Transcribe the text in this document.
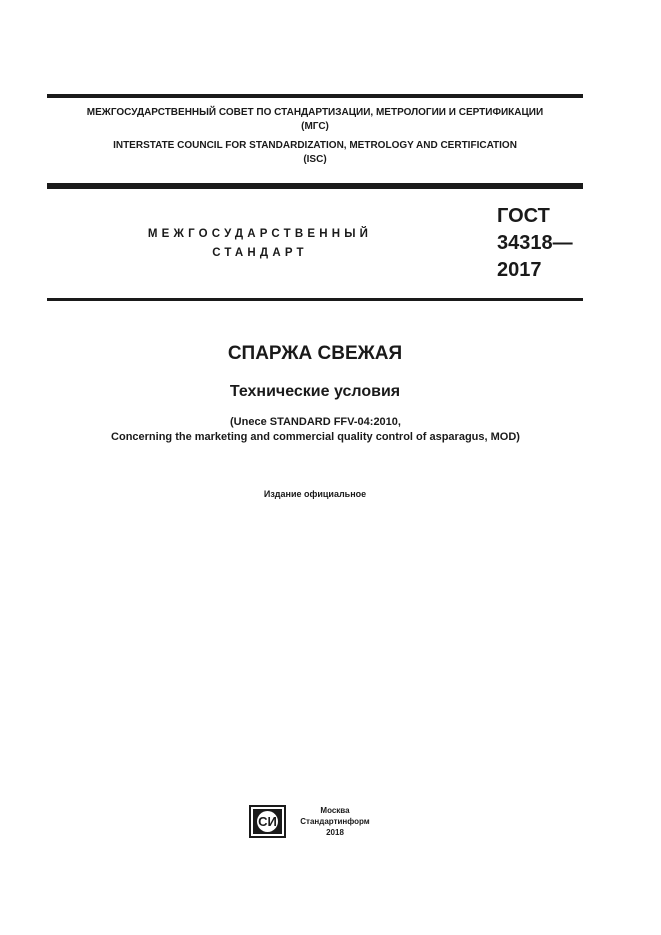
МЕЖГОСУДАРСТВЕННЫЙ СОВЕТ ПО СТАНДАРТИЗАЦИИ, МЕТРОЛОГИИ И СЕРТИФИКАЦИИ
(МГС)
INTERSTATE COUNCIL FOR STANDARDIZATION, METROLOGY AND CERTIFICATION
(ISC)
МЕЖГОСУДАРСТВЕННЫЙ
СТАНДАРТ
ГОСТ
34318—
2017
СПАРЖА СВЕЖАЯ
Технические условия
(Unece STANDARD FFV-04:2010,
Concerning the marketing and commercial quality control of asparagus, MOD)
Издание официальное
СИ
Москва
Стандартинформ
2018
